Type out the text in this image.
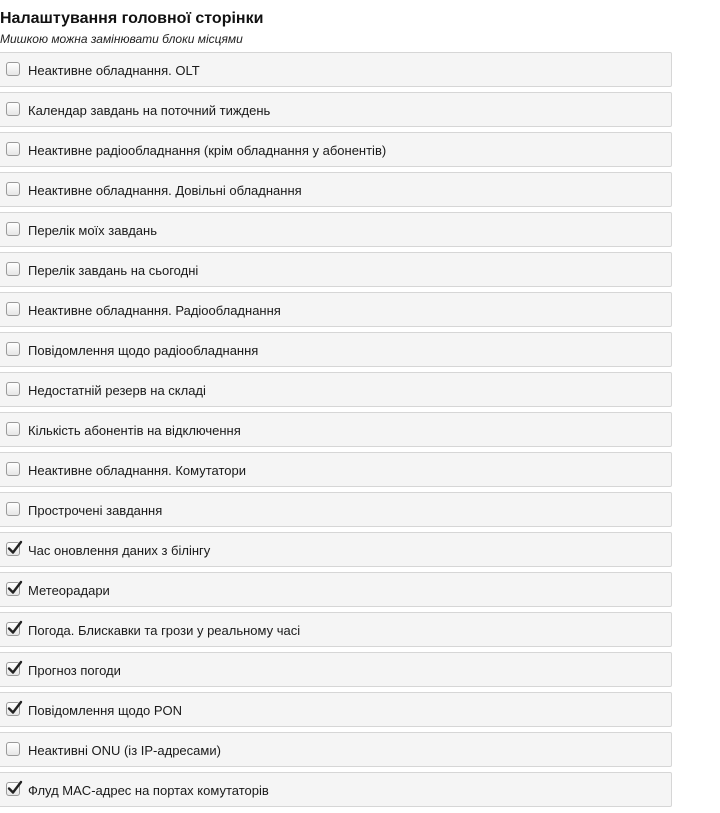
Налаштування головної сторінки

Мишкою можна замінювати блоки місцями

Неактивне обладнання. OLT
Календар завдань на поточний тиждень
Неактивне радіообладнання (крім обладнання у абонентів)
Неактивне обладнання. Довільні обладнання
Перелік моїх завдань
Перелік завдань на сьогодні
Неактивне обладнання. Радіообладнання
Повідомлення щодо радіообладнання
Недостатній резерв на складі
Кількість абонентів на відключення
Неактивне обладнання. Комутатори
Прострочені завдання
Час оновлення даних з білінгу
Метеорадари
Погода. Блискавки та грози у реальному часі
Прогноз погоди
Повідомлення щодо PON
Неактивні ONU (із IP-адресами)
Флуд MAC-адрес на портах комутаторів
